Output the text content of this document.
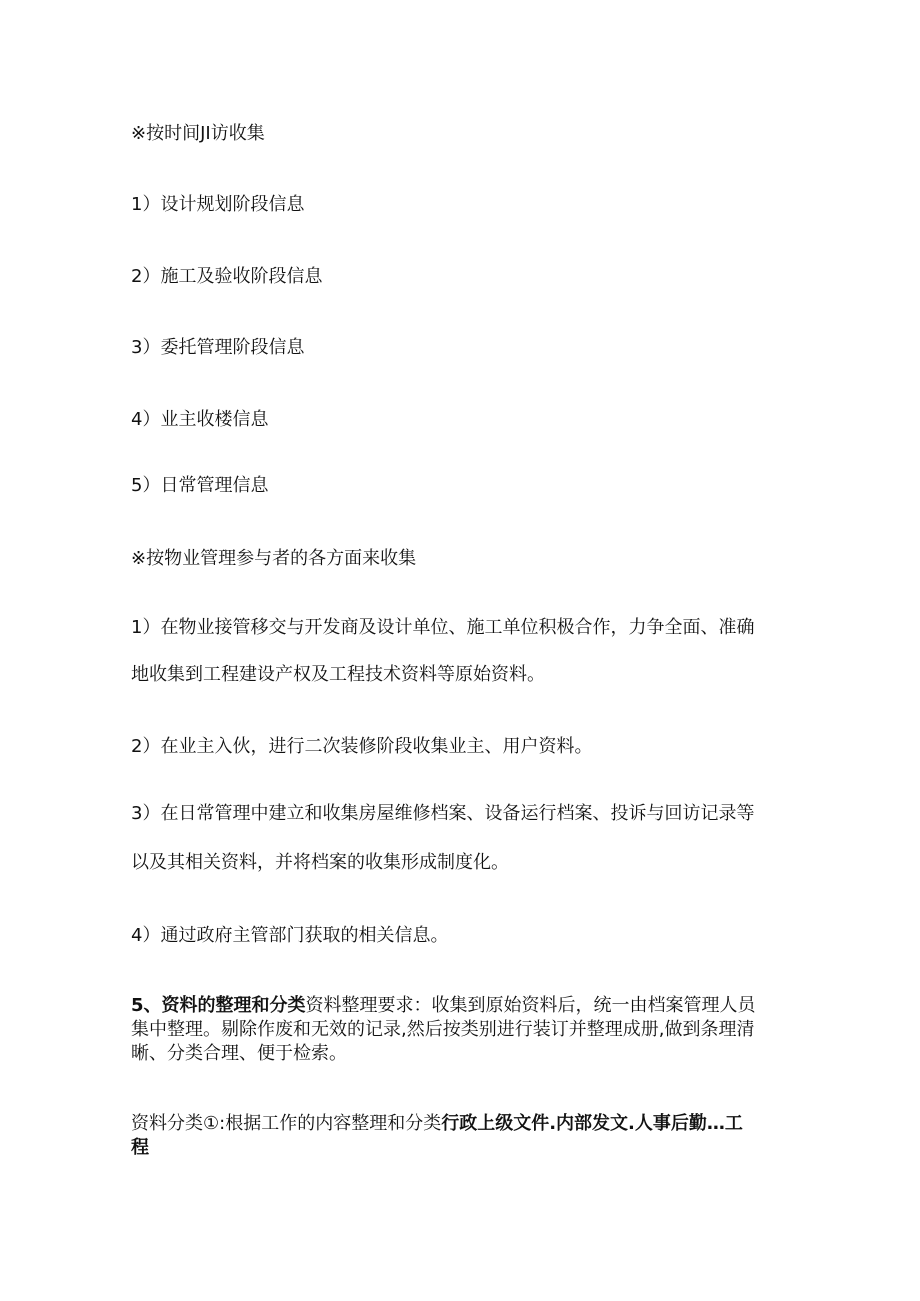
※按时间JI访收集
1）设计规划阶段信息
2）施工及验收阶段信息
3）委托管理阶段信息
4）业主收楼信息
5）日常管理信息
※按物业管理参与者的各方面来收集
1）在物业接管移交与开发商及设计单位、施工单位积极合作，力争全面、准确
地收集到工程建设产权及工程技术资料等原始资料。
2）在业主入伙，进行二次装修阶段收集业主、用户资料。
3）在日常管理中建立和收集房屋维修档案、设备运行档案、投诉与回访记录等
以及其相关资料，并将档案的收集形成制度化。
4）通过政府主管部门获取的相关信息。
5、资料的整理和分类资料整理要求：收集到原始资料后，统一由档案管理人员
集中整理。剔除作废和无效的记录,然后按类别进行装订并整理成册,做到条理清
晰、分类合理、便于检索。
资料分类①:根据工作的内容整理和分类行政上级文件.内部发文.人事后勤…工
程
